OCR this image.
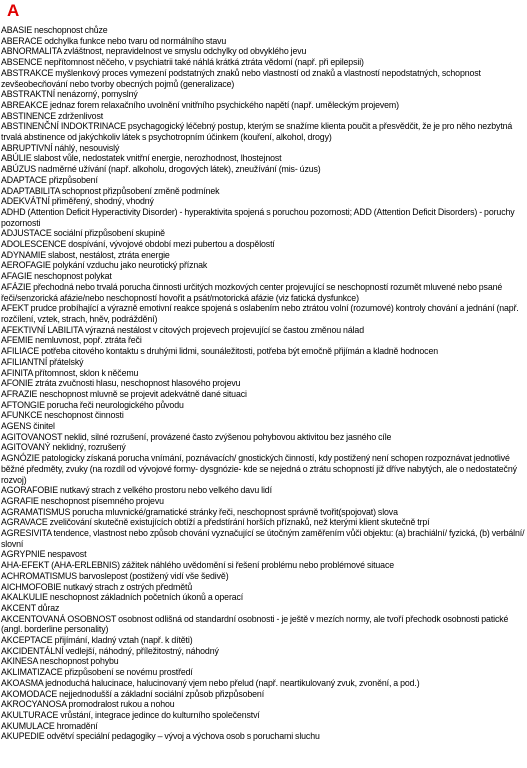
A
ABASIE neschopnost chůze
ABERACE odchylka funkce nebo tvaru od normálního stavu
ABNORMALITA zvláštnost, nepravidelnost ve smyslu odchylky od obvyklého jevu
ABSENCE nepřítomnost něčeho, v psychiatrii také náhlá krátká ztráta vědomí (např. při epilepsii)
ABSTRAKCE myšlenkový proces vymezení podstatných znaků nebo vlastností od znaků a vlastností nepodstatných, schopnost zevšeobecňování nebo tvorby obecných pojmů (generalizace)
ABSTRAKTNÍ nenázorný, pomyslný
ABREAKCE jednaz forem relaxačního uvolnění vnitřního psychického napětí (např. uměleckým projevem)
ABSTINENCE zdrženlivost
ABSTINENČNÍ INDOKTRINACE psychagogický léčebný postup, kterým se snažíme klienta poučit a přesvědčit, že je pro něho nezbytná trvalá abstinence od jakýchkoliv látek s psychotropním účinkem (kouření, alkohol, drogy)
ABRUPTIVNÍ náhlý, nesouvislý
ABÚLIE slabost vůle, nedostatek vnitřní energie, nerozhodnost, lhostejnost
ABÚZUS nadměrné užívání (např. alkoholu, drogových látek), zneužívání (mis- úzus)
ADAPTACE přizpůsobení
ADAPTABILITA schopnost přizpůsobení změně podmínek
ADEKVÁTNÍ přiměřený, shodný, vhodný
ADHD (Attention Deficit Hyperactivity Disorder) - hyperaktivita spojená s poruchou pozornosti; ADD (Attention Deficit Disorders) - poruchy pozornosti
ADJUSTACE sociální přizpůsobení skupině
ADOLESCENCE dospívání, vývojové období mezi pubertou a dospělostí
ADYNAMIE slabost, nestálost, ztráta energie
AEROFAGIE polykání vzduchu jako neurotický příznak
AFAGIE neschopnost polykat
AFÁZIE přechodná nebo trvalá porucha činnosti určitých mozkových center projevující se neschopností rozumět mluvené nebo psané řeči/senzorická afázie/nebo neschopností hovořit a psát/motorická afázie (viz fatická dysfunkce)
AFEKT prudce probíhající a výrazně emotivní reakce spojená s oslabením nebo ztrátou volní (rozumové) kontroly chování a jednání (např. rozčílení, vztek, strach, hněv, podráždění)
AFEKTIVNÍ LABILITA výrazná nestálost v citových projevech projevující se častou změnou nálad
AFEMIE nemluvnost, popř. ztráta řeči
AFILIACE potřeba citového kontaktu s druhými lidmi, sounáležitosti, potřeba být emočně přijímán a kladně hodnocen
AFILIANTNÍ přátelský
AFINITA přítomnost, sklon k něčemu
AFONIE ztráta zvučnosti hlasu, neschopnost hlasového projevu
AFRAZIE neschopnost mluvně se projevit adekvátně dané situaci
AFTONGIE porucha řeči neurologického původu
AFUNKCE neschopnost činnosti
AGENS činitel
AGITOVANOST neklid, silné rozrušení, provázené často zvýšenou pohybovou aktivitou bez jasného cíle
AGITOVANÝ neklidný, rozrušený
AGNÓZIE patologicky získaná porucha vnímání, poznávacích/ gnostických činností, kdy postižený není schopen rozpoznávat jednotlivé běžné předměty, zvuky (na rozdíl od vývojové formy- dysgnózie- kde se nejedná o ztrátu schopností již dříve nabytých, ale o nedostatečný rozvoj)
AGORAFOBIE nutkavý strach z velkého prostoru nebo velkého davu lidí
AGRAFIE neschopnost písemného projevu
AGRAMATISMUS porucha mluvnické/gramatické stránky řeči, neschopnost správně tvořit(spojovat) slova
AGRAVACE zveličování skutečně existujících obtíží a předstírání horších příznaků, než kterými klient skutečně trpí
AGRESIVITA tendence, vlastnost nebo způsob chování vyznačující se útočným zaměřením vůči objektu: (a) brachiální/ fyzická, (b) verbální/ slovní
AGRYPNIE nespavost
AHA-EFEKT (AHA-ERLEBNIS) zážitek náhlého uvědomění si řešení problému nebo problémové situace
ACHROMATISMUS barvoslepost (postižený vidí vše šedivě)
AICHMOFOBIE nutkavý strach z ostrých předmětů
AKALKULIE neschopnost základních početních úkonů a operací
AKCENT důraz
AKCENTOVANÁ OSOBNOST osobnost odlišná od standardní osobnosti - je ještě v mezích normy, ale tvoří přechodk osobnosti patické (angl. borderline personality)
AKCEPTACE přijímání, kladný vztah (např. k dítěti)
AKCIDENTÁLNÍ vedlejší, náhodný, příležitostný, náhodný
AKINESA neschopnost pohybu
AKLIMATIZACE přizpůsobení se novému prostředí
AKOASMA jednoduchá halucinace, halucinovaný vjem nebo přelud (např. neartikulovaný zvuk, zvonění, a pod.)
AKOMODACE nejjednodušší a základní sociální způsob přizpůsobení
AKROCYANOSA promodralost rukou a nohou
AKULTURACE vrůstání, integrace jedince do kulturního společenství
AKUMULACE hromadění
AKUPEDIE odvětví speciální pedagogiky – vývoj a výchova osob s poruchami sluchu
